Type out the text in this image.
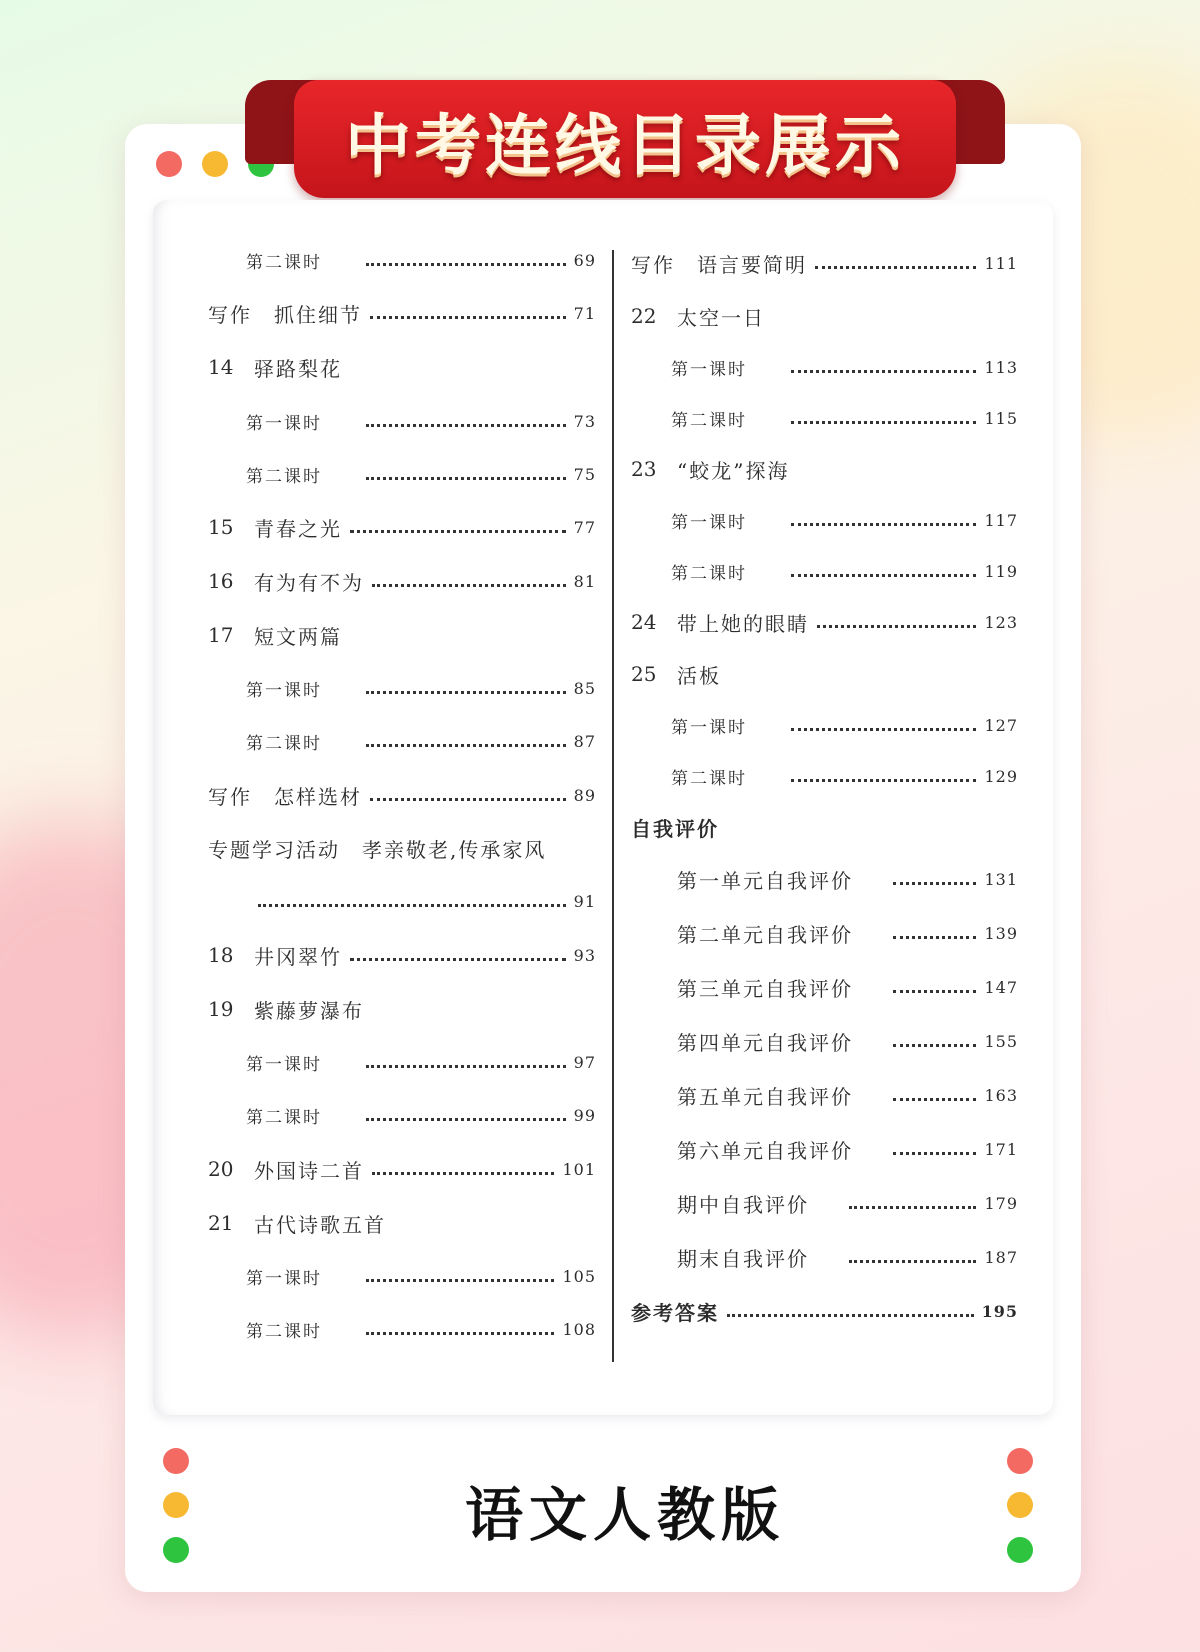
中考连线目录展示
第二课时	69
写作　抓住细节	71
14	驿路梨花
第一课时	73
第二课时	75
15	青春之光	77
16	有为有不为	81
17	短文两篇
第一课时	85
第二课时	87
写作　怎样选材	89
专题学习活动　孝亲敬老,传承家风
91
18	井冈翠竹	93
19	紫藤萝瀑布
第一课时	97
第二课时	99
20	外国诗二首	101
21	古代诗歌五首
第一课时	105
第二课时	108
写作　语言要简明	111
22	太空一日
第一课时	113
第二课时	115
23	“蛟龙”探海
第一课时	117
第二课时	119
24	带上她的眼睛	123
25	活板
第一课时	127
第二课时	129
自我评价
第一单元自我评价	131
第二单元自我评价	139
第三单元自我评价	147
第四单元自我评价	155
第五单元自我评价	163
第六单元自我评价	171
期中自我评价	179
期末自我评价	187
参考答案	195
语文人教版
